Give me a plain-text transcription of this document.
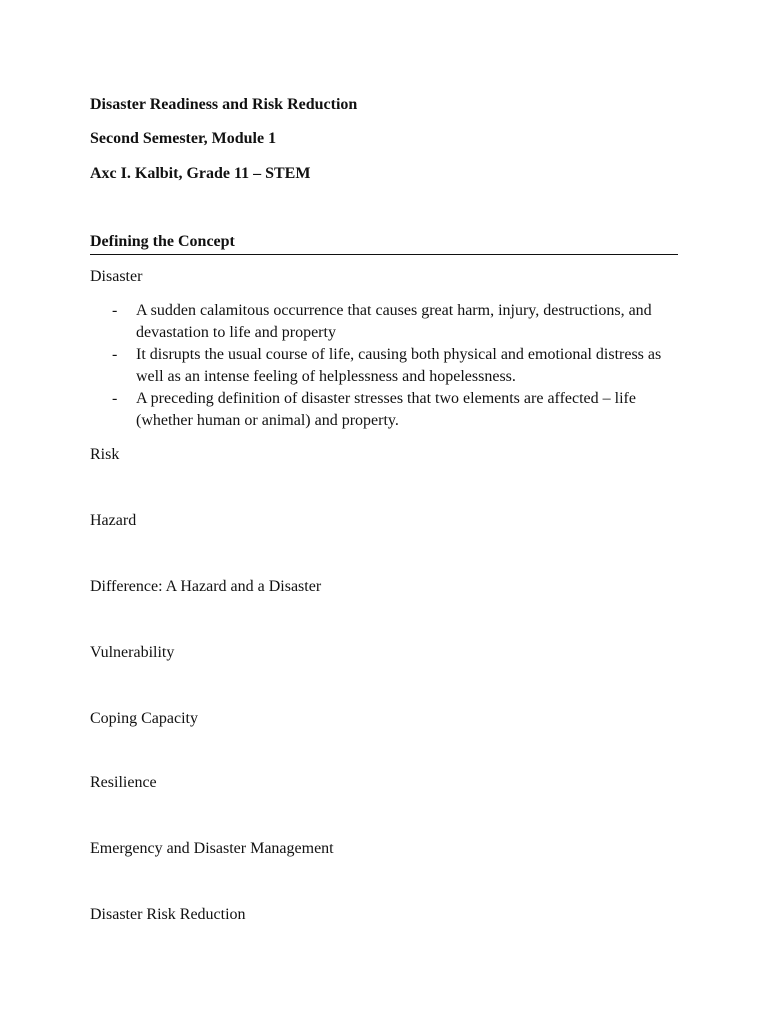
Disaster Readiness and Risk Reduction
Second Semester, Module 1
Axc I. Kalbit, Grade 11 – STEM
Defining the Concept
Disaster
-	A sudden calamitous occurrence that causes great harm, injury, destructions, and devastation to life and property
-	It disrupts the usual course of life, causing both physical and emotional distress as well as an intense feeling of helplessness and hopelessness.
-	A preceding definition of disaster stresses that two elements are affected – life (whether human or animal) and property.
Risk
Hazard
Difference: A Hazard and a Disaster
Vulnerability
Coping Capacity
Resilience
Emergency and Disaster Management
Disaster Risk Reduction
